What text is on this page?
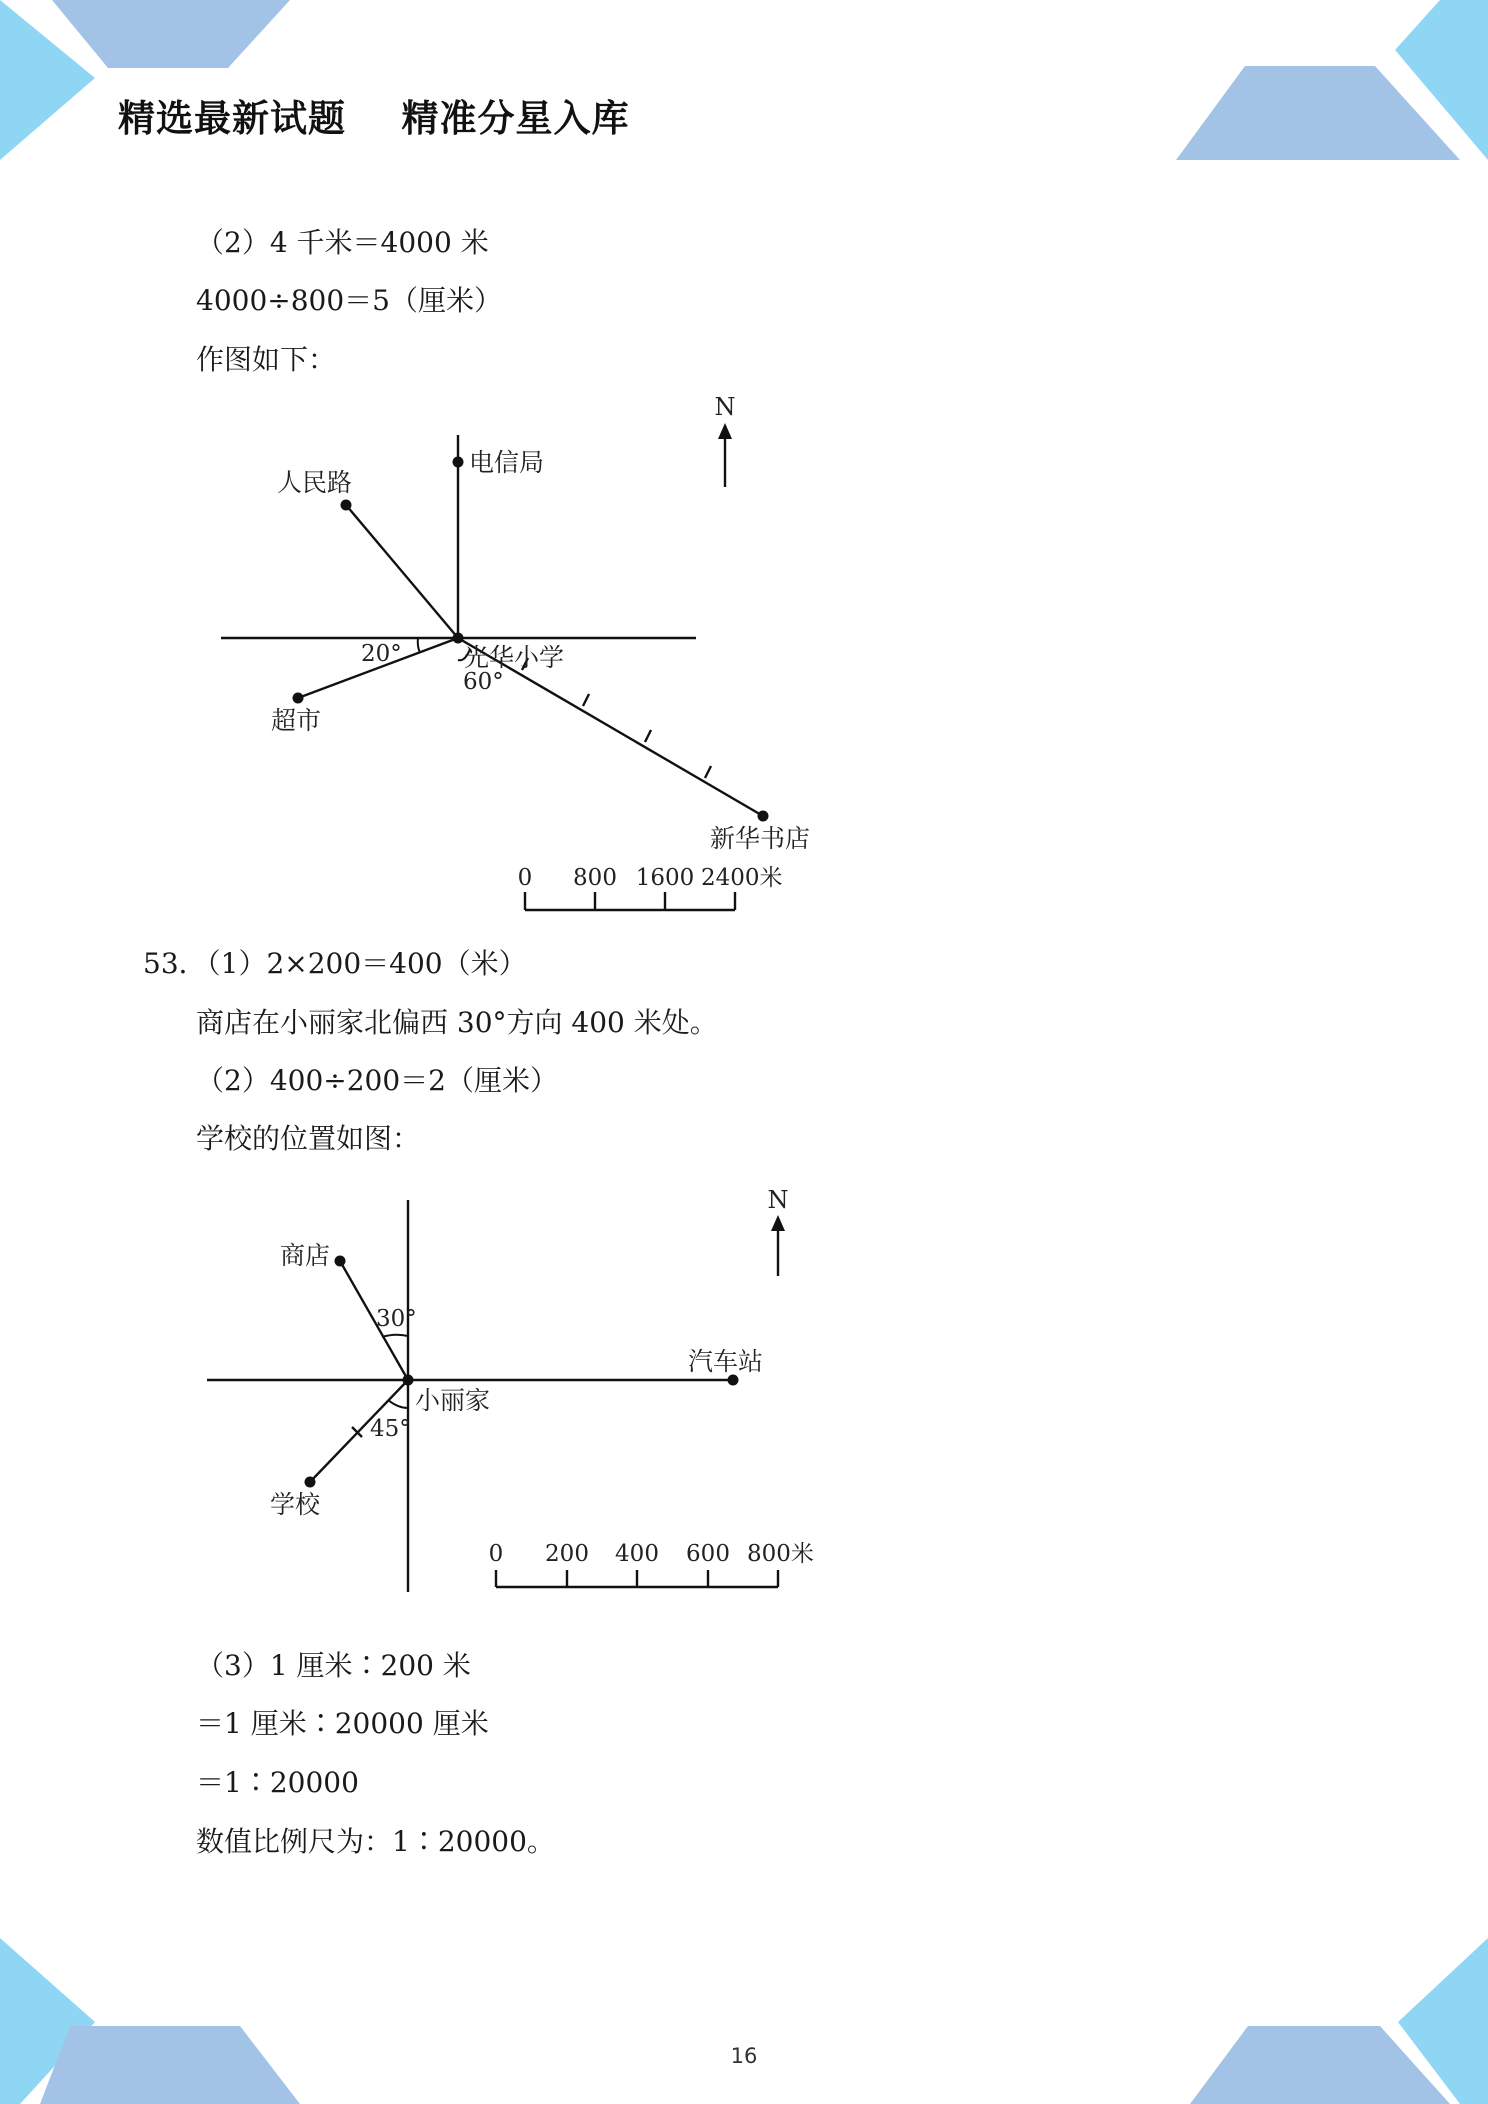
精选最新试题    精准分星入库
（2）4 千米＝4000 米
4000÷800＝5（厘米）
作图如下：
N
电信局
人民路
光华小学
超市
新华书店
20°
60°
0 800 1600 2400米
53．（1）2×200＝400（米）
商店在小丽家北偏西 30°方向 400 米处。
（2）400÷200＝2（厘米）
学校的位置如图：
N
商店
小丽家
汽车站
学校
30°
45°
0 200 400 600 800米
（3）1 厘米∶200 米
＝1 厘米∶20000 厘米
＝1∶20000
数值比例尺为：1∶20000。
16
